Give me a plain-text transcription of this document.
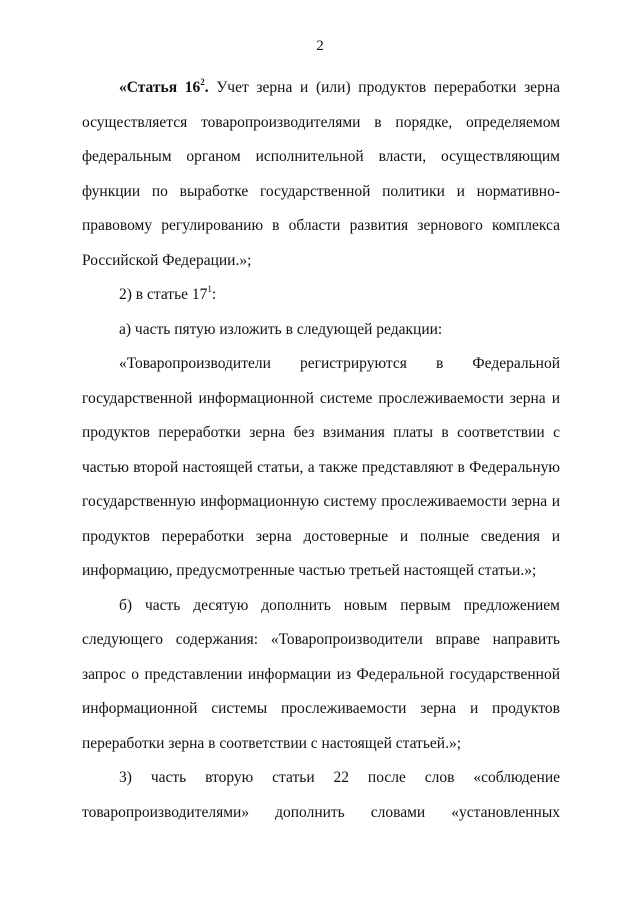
2

«Статья $16^2$. Учет зерна и (или) продуктов переработки зерна осуществляется товаропроизводителями в порядке, определяемом федеральным органом исполнительной власти, осуществляющим функции по выработке государственной политики и нормативно-правовому регулированию в области развития зернового комплекса Российской Федерации.»;

2) в статье $17^1$:

а) часть пятую изложить в следующей редакции:

«Товаропроизводители регистрируются в Федеральной государственной информационной системе прослеживаемости зерна и продуктов переработки зерна без взимания платы в соответствии с частью второй настоящей статьи, а также представляют в Федеральную государственную информационную систему прослеживаемости зерна и продуктов переработки зерна достоверные и полные сведения и информацию, предусмотренные частью третьей настоящей статьи.»;

б) часть десятую дополнить новым первым предложением следующего содержания: «Товаропроизводители вправе направить запрос о представлении информации из Федеральной государственной информационной системы прослеживаемости зерна и продуктов переработки зерна в соответствии с настоящей статьей.»;

3) часть вторую статьи 22 после слов «соблюдение товаропроизводителями» дополнить словами «установленных
